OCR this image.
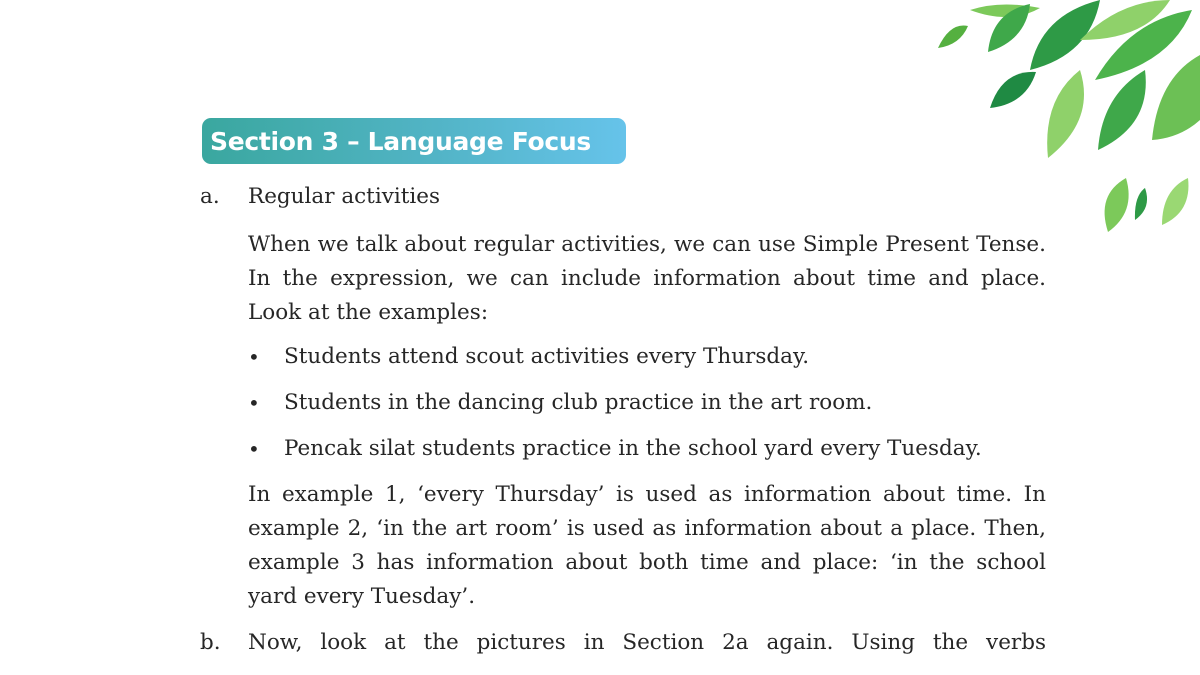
Section 3 – Language Focus
a.	Regular activities
When we talk about regular activities, we can use Simple Present Tense. In the expression, we can include information about time and place. Look at the examples:
•	Students attend scout activities every Thursday.
•	Students in the dancing club practice in the art room.
•	Pencak silat students practice in the school yard every Tuesday.
In example 1, ‘every Thursday’ is used as information about time. In example 2, ‘in the art room’ is used as information about a place. Then, example 3 has information about both time and place: ‘in the school yard every Tuesday’.
b.	Now, look at the pictures in Section 2a again. Using the verbs
